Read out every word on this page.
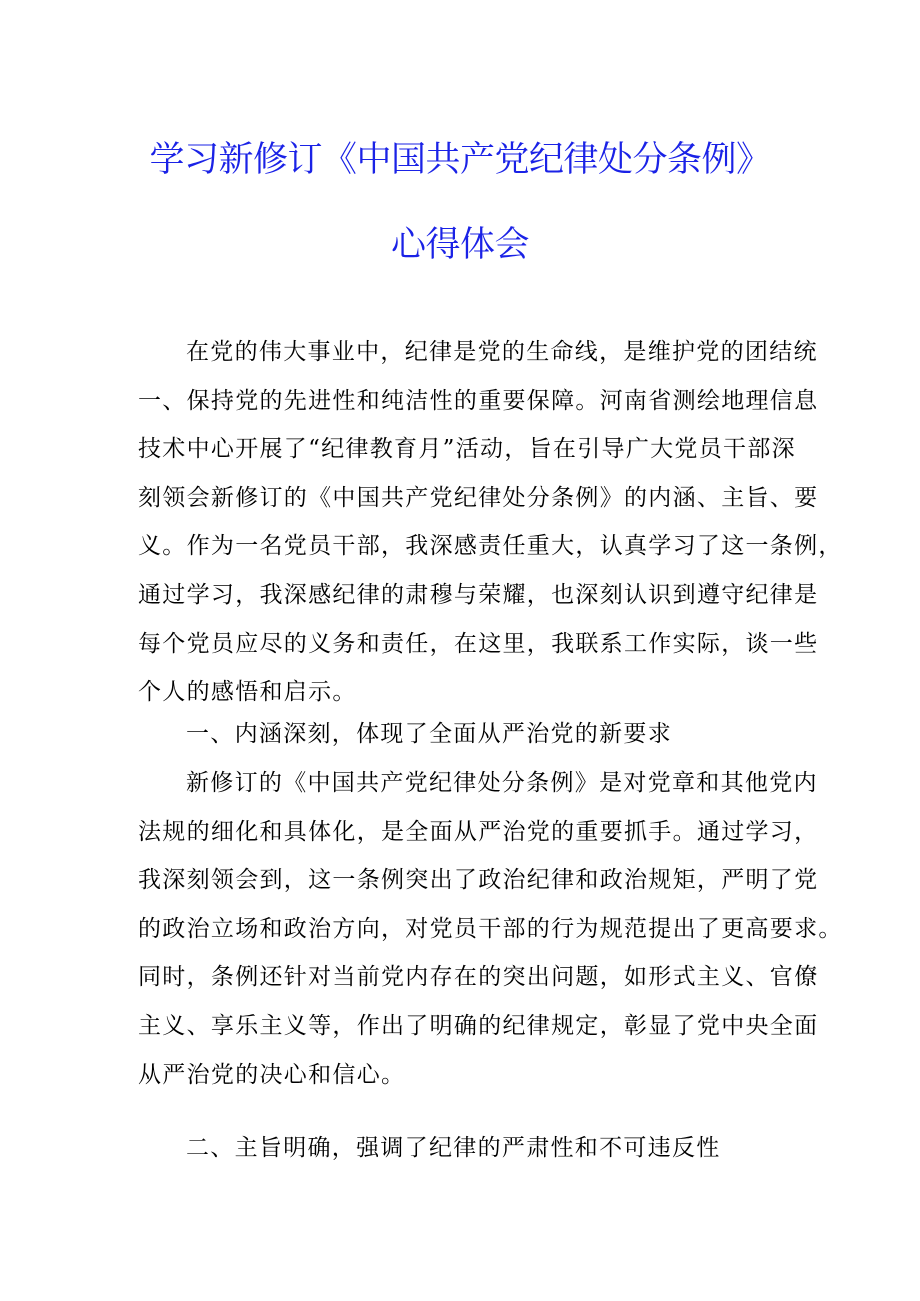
学习新修订《中国共产党纪律处分条例》
心得体会
在党的伟大事业中，纪律是党的生命线，是维护党的团结统
一、保持党的先进性和纯洁性的重要保障。河南省测绘地理信息
技术中心开展了“纪律教育月”活动，旨在引导广大党员干部深
刻领会新修订的《中国共产党纪律处分条例》的内涵、主旨、要
义。作为一名党员干部，我深感责任重大，认真学习了这一条例，
通过学习，我深感纪律的肃穆与荣耀，也深刻认识到遵守纪律是
每个党员应尽的义务和责任，在这里，我联系工作实际，谈一些
个人的感悟和启示。
一、内涵深刻，体现了全面从严治党的新要求
新修订的《中国共产党纪律处分条例》是对党章和其他党内
法规的细化和具体化，是全面从严治党的重要抓手。通过学习，
我深刻领会到，这一条例突出了政治纪律和政治规矩，严明了党
的政治立场和政治方向，对党员干部的行为规范提出了更高要求。
同时，条例还针对当前党内存在的突出问题，如形式主义、官僚
主义、享乐主义等，作出了明确的纪律规定，彰显了党中央全面
从严治党的决心和信心。
二、主旨明确，强调了纪律的严肃性和不可违反性
